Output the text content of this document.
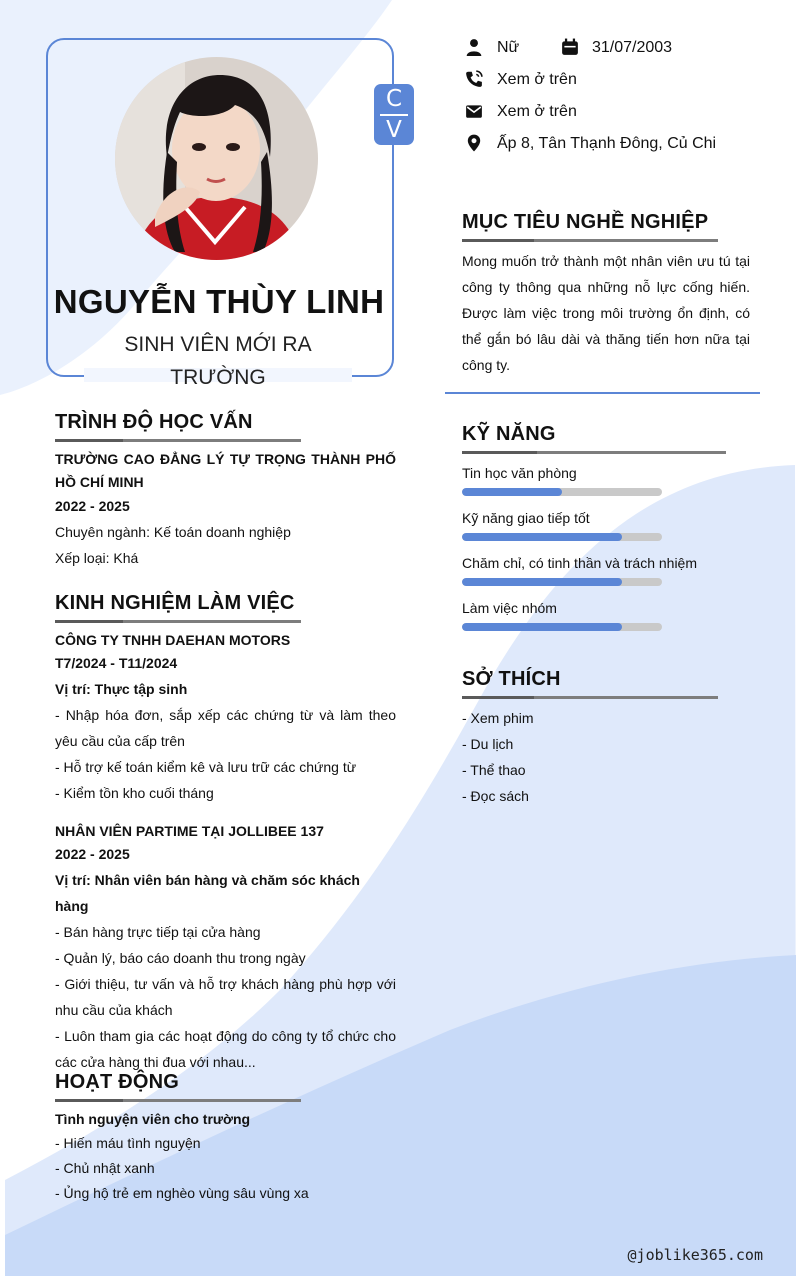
C
V
NGUYỄN THÙY LINH
SINH VIÊN MỚI RA
TRƯỜNG
Nữ	31/07/2003
Xem ở trên
Xem ở trên
Ấp 8, Tân Thạnh Đông, Củ Chi
MỤC TIÊU NGHỀ NGHIỆP
Mong muốn trở thành một nhân viên ưu tú tại công ty thông qua những nỗ lực cống hiến. Được làm việc trong môi trường ổn định, có thể gắn bó lâu dài và thăng tiến hơn nữa tại công ty.
TRÌNH ĐỘ HỌC VẤN
TRƯỜNG CAO ĐẲNG LÝ TỰ TRỌNG THÀNH PHỐ HỒ CHÍ MINH
2022 - 2025
Chuyên ngành: Kế toán doanh nghiệp
Xếp loại: Khá
KINH NGHIỆM LÀM VIỆC
CÔNG TY TNHH DAEHAN MOTORS
T7/2024 - T11/2024
Vị trí: Thực tập sinh
- Nhập hóa đơn, sắp xếp các chứng từ và làm theo yêu cầu của cấp trên
- Hỗ trợ kế toán kiểm kê và lưu trữ các chứng từ
- Kiểm tồn kho cuối tháng
NHÂN VIÊN PARTIME TẠI JOLLIBEE 137
2022 - 2025
Vị trí: Nhân viên bán hàng và chăm sóc khách hàng
- Bán hàng trực tiếp tại cửa hàng
- Quản lý, báo cáo doanh thu trong ngày
- Giới thiệu, tư vấn và hỗ trợ khách hàng phù hợp với nhu cầu của khách
- Luôn tham gia các hoạt động do công ty tổ chức cho các cửa hàng thi đua với nhau...
HOẠT ĐỘNG
Tình nguyện viên cho trường
- Hiến máu tình nguyện
- Chủ nhật xanh
- Ủng hộ trẻ em nghèo vùng sâu vùng xa
KỸ NĂNG
Tin học văn phòng
Kỹ năng giao tiếp tốt
Chăm chỉ, có tinh thần và trách nhiệm
Làm việc nhóm
SỞ THÍCH
- Xem phim
- Du lịch
- Thể thao
- Đọc sách
@joblike365.com
